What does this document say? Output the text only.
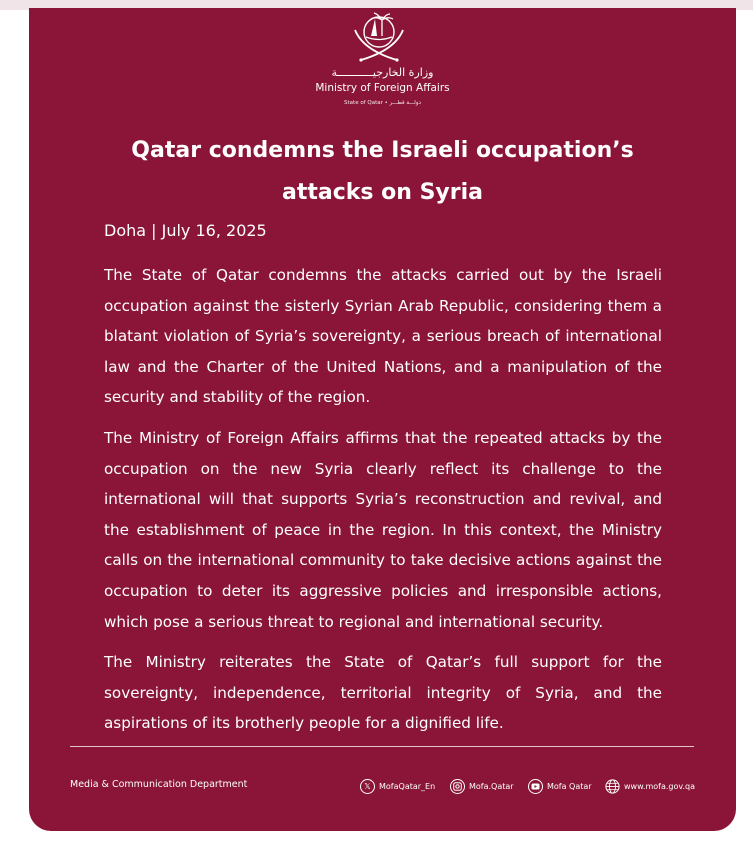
وزارة الخارجيـــــــــــة
Ministry of Foreign Affairs
State of Qatar • دولـــة قطـــر
Qatar condemns the Israeli occupation’s attacks on Syria
Doha | July 16, 2025

The State of Qatar condemns the attacks carried out by the Israeli occupation against the sisterly Syrian Arab Republic, considering them a blatant violation of Syria’s sovereignty, a serious breach of international law and the Charter of the United Nations, and a manipulation of the security and stability of the region.

The Ministry of Foreign Affairs affirms that the repeated attacks by the occupation on the new Syria clearly reflect its challenge to the international will that supports Syria’s reconstruction and revival, and the establishment of peace in the region. In this context, the Ministry calls on the international community to take decisive actions against the occupation to deter its aggressive policies and irresponsible actions, which pose a serious threat to regional and international security.

The Ministry reiterates the State of Qatar’s full support for the sovereignty, independence, territorial integrity of Syria, and the aspirations of its brotherly people for a dignified life.

Media & Communication Department	𝕏	MofaQatar_En	Mofa.Qatar	Mofa Qatar	www.mofa.gov.qa
